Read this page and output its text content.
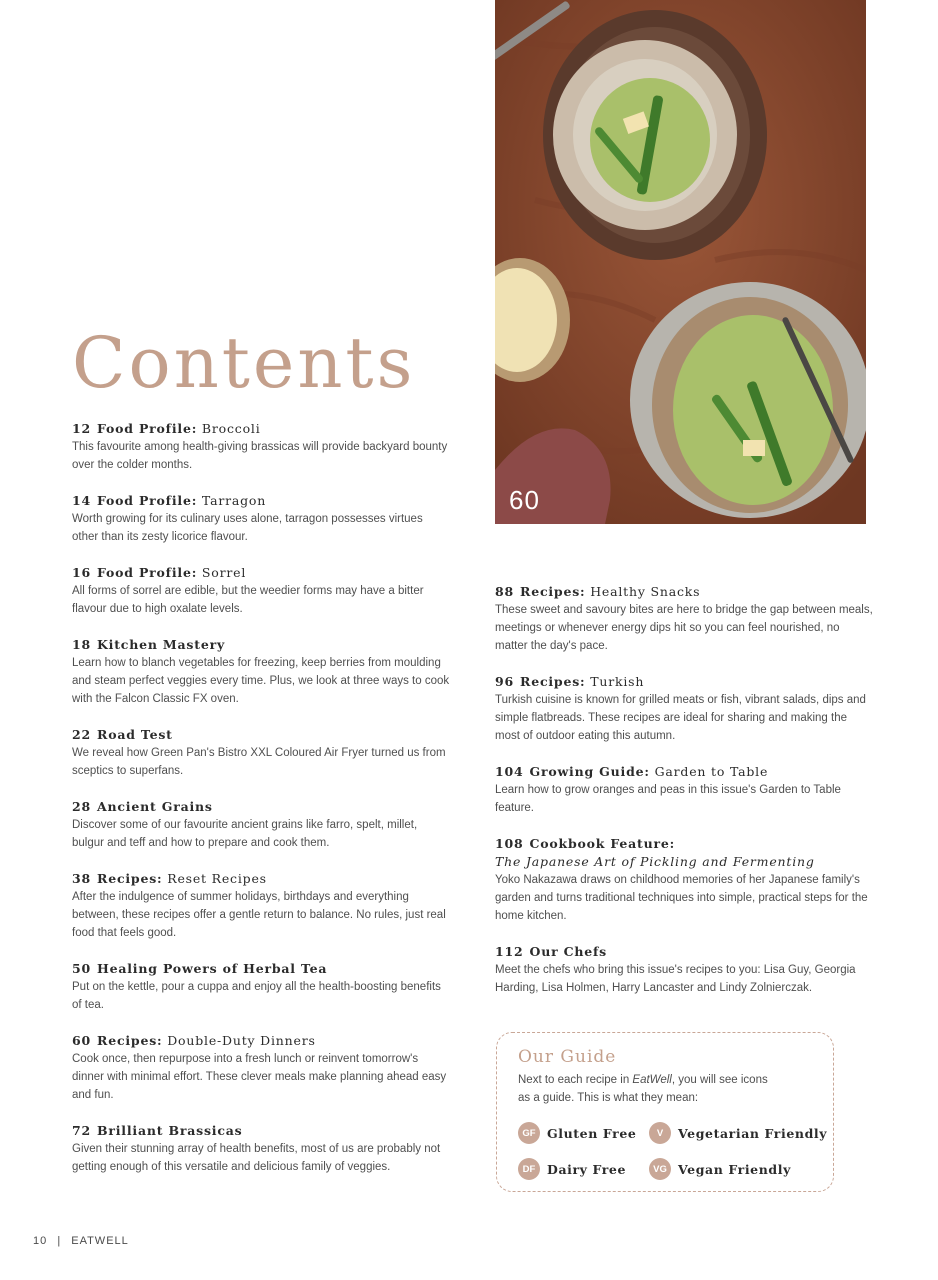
60
Contents
12 Food Profile: Broccoli
This favourite among health-giving brassicas will provide backyard bounty over the colder months.
14 Food Profile: Tarragon
Worth growing for its culinary uses alone, tarragon possesses virtues other than its zesty licorice flavour.
16 Food Profile: Sorrel
All forms of sorrel are edible, but the weedier forms may have a bitter flavour due to high oxalate levels.
18 Kitchen Mastery
Learn how to blanch vegetables for freezing, keep berries from moulding and steam perfect veggies every time. Plus, we look at three ways to cook with the Falcon Classic FX oven.
22 Road Test
We reveal how Green Pan's Bistro XXL Coloured Air Fryer turned us from sceptics to superfans.
28 Ancient Grains
Discover some of our favourite ancient grains like farro, spelt, millet, bulgur and teff and how to prepare and cook them.
38 Recipes: Reset Recipes
After the indulgence of summer holidays, birthdays and everything between, these recipes offer a gentle return to balance. No rules, just real food that feels good.
50 Healing Powers of Herbal Tea
Put on the kettle, pour a cuppa and enjoy all the health-boosting benefits of tea.
60 Recipes: Double-Duty Dinners
Cook once, then repurpose into a fresh lunch or reinvent tomorrow's dinner with minimal effort. These clever meals make planning ahead easy and fun.
72 Brilliant Brassicas
Given their stunning array of health benefits, most of us are probably not getting enough of this versatile and delicious family of veggies.
88 Recipes: Healthy Snacks
These sweet and savoury bites are here to bridge the gap between meals, meetings or whenever energy dips hit so you can feel nourished, no matter the day's pace.
96 Recipes: Turkish
Turkish cuisine is known for grilled meats or fish, vibrant salads, dips and simple flatbreads. These recipes are ideal for sharing and making the most of outdoor eating this autumn.
104 Growing Guide: Garden to Table
Learn how to grow oranges and peas in this issue's Garden to Table feature.
108 Cookbook Feature:
The Japanese Art of Pickling and Fermenting
Yoko Nakazawa draws on childhood memories of her Japanese family's garden and turns traditional techniques into simple, practical steps for the home kitchen.
112 Our Chefs
Meet the chefs who bring this issue's recipes to you: Lisa Guy, Georgia Harding, Lisa Holmen, Harry Lancaster and Lindy Zolnierczak.
Our Guide
Next to each recipe in EatWell, you will see icons as a guide. This is what they mean:
GF Gluten Free	V	Vegetarian Friendly
DF Dairy Free	VG Vegan Friendly
10 | EATWELL
